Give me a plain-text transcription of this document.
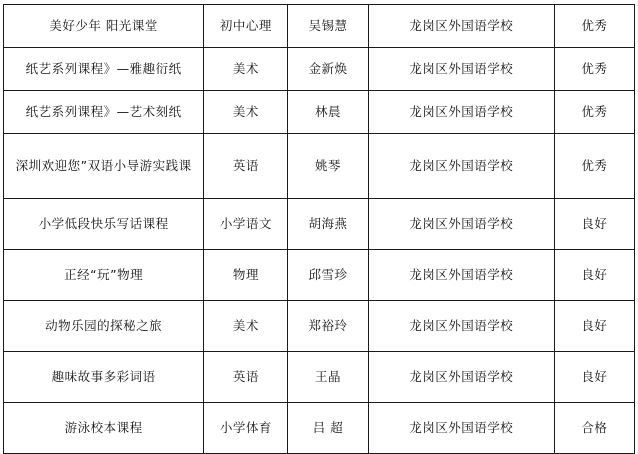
美好少年 阳光课堂	初中心理	吴锡慧	龙岗区外国语学校	优秀

纸艺系列课程》—雅趣衍纸	美术	金新焕	龙岗区外国语学校	优秀

纸艺系列课程》—艺术刻纸	美术	林晨	龙岗区外国语学校	优秀

深圳欢迎您”双语小导游实践课	英语	姚琴	龙岗区外国语学校	优秀

小学低段快乐写话课程	小学语文	胡海燕	龙岗区外国语学校	良好

正经“玩”物理	物理	邱雪珍	龙岗区外国语学校	良好

动物乐园的探秘之旅	美术	郑裕玲	龙岗区外国语学校	良好

趣味故事多彩词语	英语	王晶	龙岗区外国语学校	良好

游泳校本课程	小学体育	吕 超	龙岗区外国语学校	合格
